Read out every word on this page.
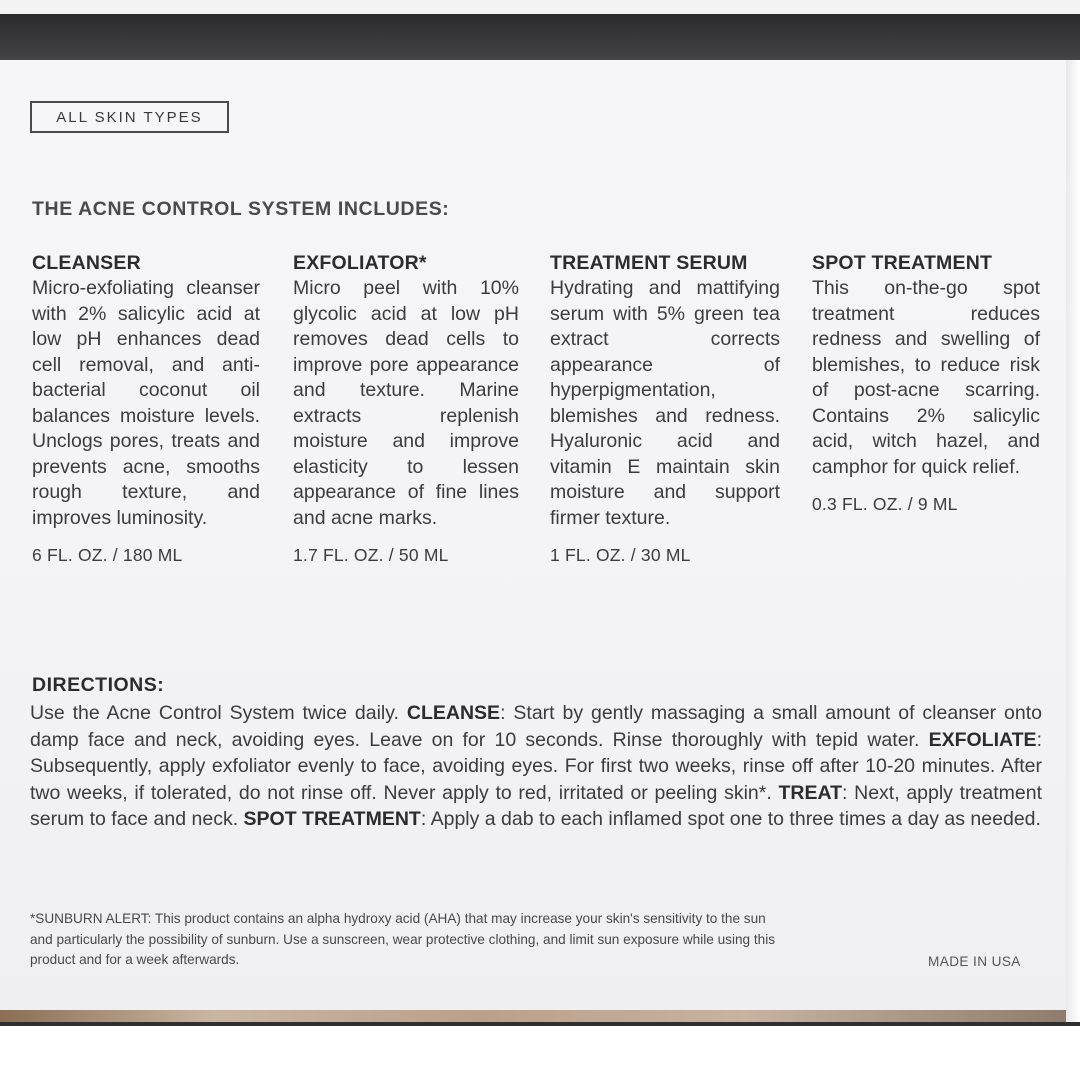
ALL SKIN TYPES
THE ACNE CONTROL SYSTEM INCLUDES:
CLEANSER
Micro-exfoliating cleanser with 2% salicylic acid at low pH enhances dead cell removal, and antibacterial coconut oil balances moisture levels. Unclogs pores, treats and prevents acne, smooths rough texture, and improves luminosity.
6 FL. OZ. / 180 ML
EXFOLIATOR*
Micro peel with 10% glycolic acid at low pH removes dead cells to improve pore appearance and texture. Marine extracts replenish moisture and improve elasticity to lessen appearance of fine lines and acne marks.
1.7 FL. OZ. / 50 ML
TREATMENT SERUM
Hydrating and mattifying serum with 5% green tea extract corrects appearance of hyperpigmentation, blemishes and redness. Hyaluronic acid and vitamin E maintain skin moisture and support firmer texture.
1 FL. OZ. / 30 ML
SPOT TREATMENT
This on-the-go spot treatment reduces redness and swelling of blemishes, to reduce risk of post-acne scarring. Contains 2% salicylic acid, witch hazel, and camphor for quick relief.
0.3 FL. OZ. / 9 ML
DIRECTIONS:
Use the Acne Control System twice daily. CLEANSE: Start by gently massaging a small amount of cleanser onto damp face and neck, avoiding eyes. Leave on for 10 seconds. Rinse thoroughly with tepid water. EXFOLIATE: Subsequently, apply exfoliator evenly to face, avoiding eyes. For first two weeks, rinse off after 10-20 minutes. After two weeks, if tolerated, do not rinse off. Never apply to red, irritated or peeling skin*. TREAT: Next, apply treatment serum to face and neck. SPOT TREATMENT: Apply a dab to each inflamed spot one to three times a day as needed.
*SUNBURN ALERT: This product contains an alpha hydroxy acid (AHA) that may increase your skin's sensitivity to the sun and particularly the possibility of sunburn. Use a sunscreen, wear protective clothing, and limit sun exposure while using this product and for a week afterwards.	MADE IN USA
